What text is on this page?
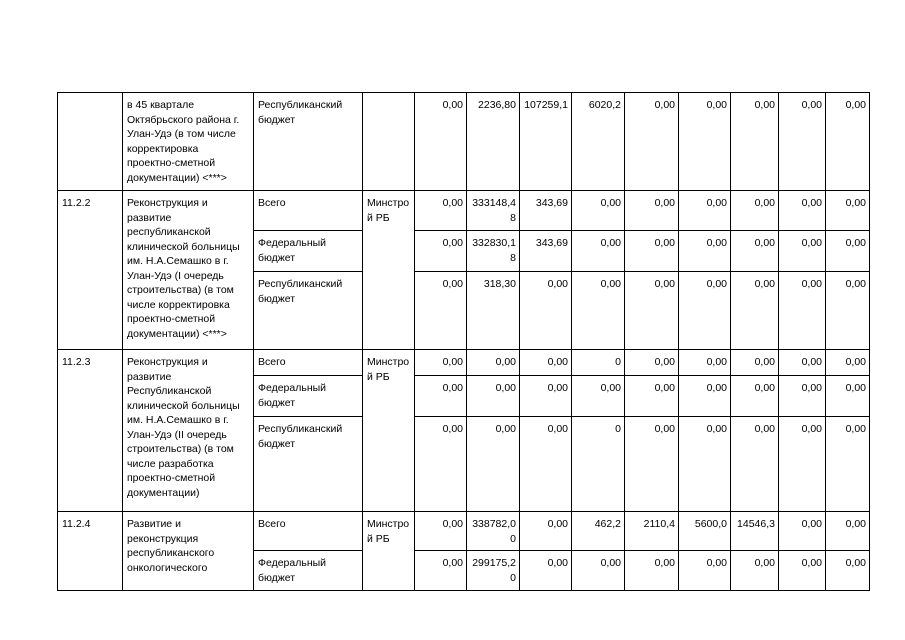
	в 45 квартале Октябрьского района г. Улан-Удэ (в том числе корректировка проектно-сметной документации) <***>	Республиканский бюджет		0,00	2236,80	107259,1	6020,2	0,00	0,00	0,00	0,00	0,00
11.2.2	Реконструкция и развитие республиканской клинической больницы им. Н.А.Семашко в г. Улан-Удэ (I очередь строительства) (в том числе корректировка проектно-сметной документации) <***>	Всего	Минстрой РБ	0,00	333148,48	343,69	0,00	0,00	0,00	0,00	0,00	0,00
		Федеральный бюджет		0,00	332830,18	343,69	0,00	0,00	0,00	0,00	0,00	0,00
		Республиканский бюджет		0,00	318,30	0,00	0,00	0,00	0,00	0,00	0,00	0,00
11.2.3	Реконструкция и развитие Республиканской клинической больницы им. Н.А.Семашко в г. Улан-Удэ (II очередь строительства) (в том числе разработка проектно-сметной документации)	Всего	Минстрой РБ	0,00	0,00	0,00	0	0,00	0,00	0,00	0,00	0,00
		Федеральный бюджет		0,00	0,00	0,00	0,00	0,00	0,00	0,00	0,00	0,00
		Республиканский бюджет		0,00	0,00	0,00	0	0,00	0,00	0,00	0,00	0,00
11.2.4	Развитие и реконструкция республиканского онкологического	Всего	Минстрой РБ	0,00	338782,00	0,00	462,2	2110,4	5600,0	14546,3	0,00	0,00
		Федеральный бюджет		0,00	299175,20	0,00	0,00	0,00	0,00	0,00	0,00	0,00
